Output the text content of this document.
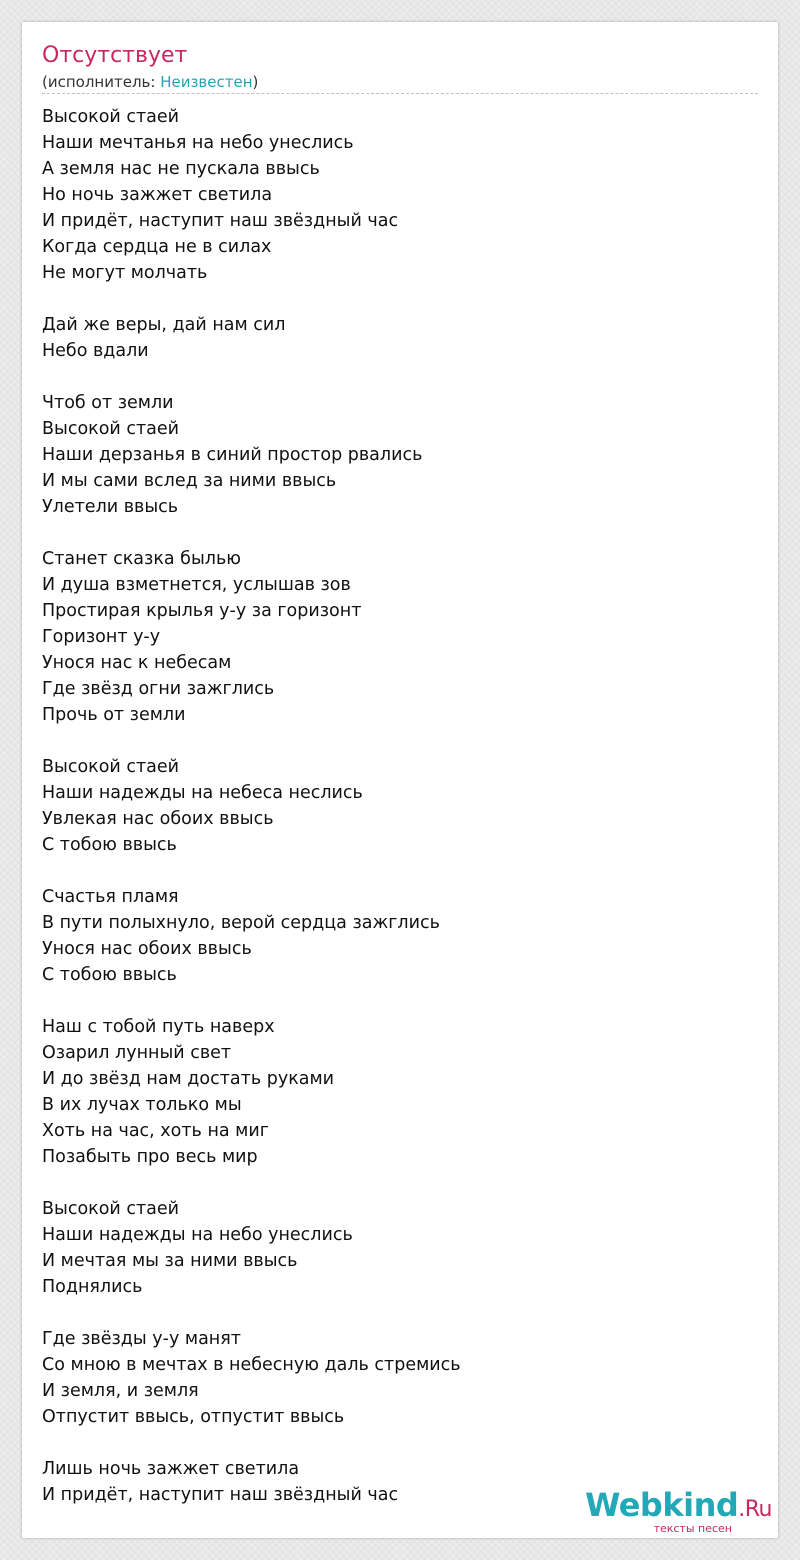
Отсутствует
(исполнитель: Неизвестен)
Высокой стаей
Наши мечтанья на небо унеслись
А земля нас не пускала ввысь
Но ночь зажжет светила
И придёт, наступит наш звёздный час
Когда сердца не в силах
Не могут молчать
Дай же веры, дай нам сил
Небо вдали
Чтоб от земли
Высокой стаей
Наши дерзанья в синий простор рвались
И мы сами вслед за ними ввысь
Улетели ввысь
Станет сказка былью
И душа взметнется, услышав зов
Простирая крылья у-у за горизонт
Горизонт у-у
Унося нас к небесам
Где звёзд огни зажглись
Прочь от земли
Высокой стаей
Наши надежды на небеса неслись
Увлекая нас обоих ввысь
С тобою ввысь
Счастья пламя
В пути полыхнуло, верой сердца зажглись
Унося нас обоих ввысь
С тобою ввысь
Наш с тобой путь наверх
Озарил лунный свет
И до звёзд нам достать руками
В их лучах только мы
Хоть на час, хоть на миг
Позабыть про весь мир
Высокой стаей
Наши надежды на небо унеслись
И мечтая мы за ними ввысь
Поднялись
Где звёзды у-у манят
Со мною в мечтах в небесную даль стремись
И земля, и земля
Отпустит ввысь, отпустит ввысь
Лишь ночь зажжет светила
И придёт, наступит наш звёздный час	Webkind.Ru
тексты песен
